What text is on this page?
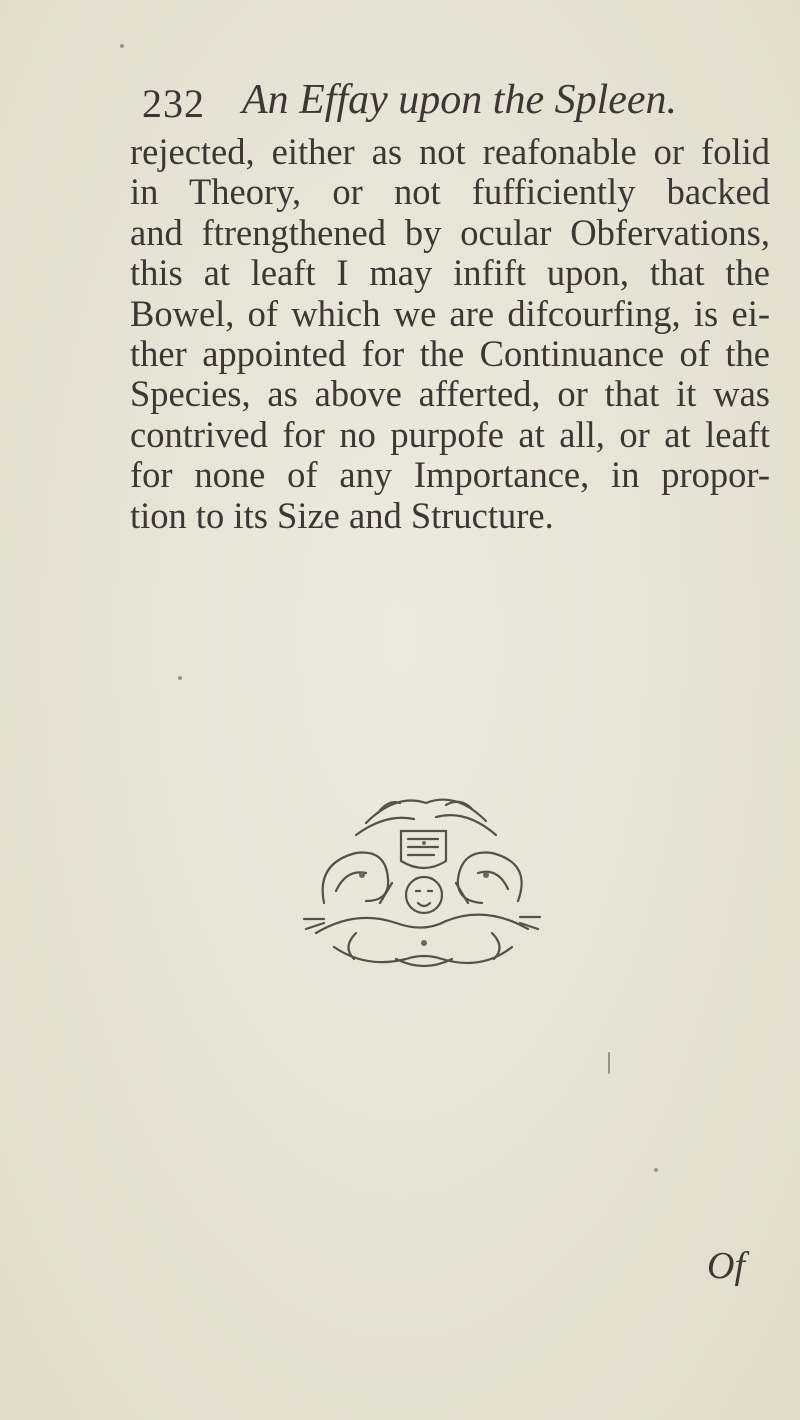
232 An Effay upon the Spleen.
rejected, either as not reafonable or folid
in Theory, or not fufficiently backed
and ftrengthened by ocular Obfervations,
this at leaft I may infift upon, that the
Bowel, of which we are difcourfing, is ei-
ther appointed for the Continuance of the
Species, as above afferted, or that it was
contrived for no purpofe at all, or at leaft
for none of any Importance, in propor-
tion to its Size and Structure.
Of
